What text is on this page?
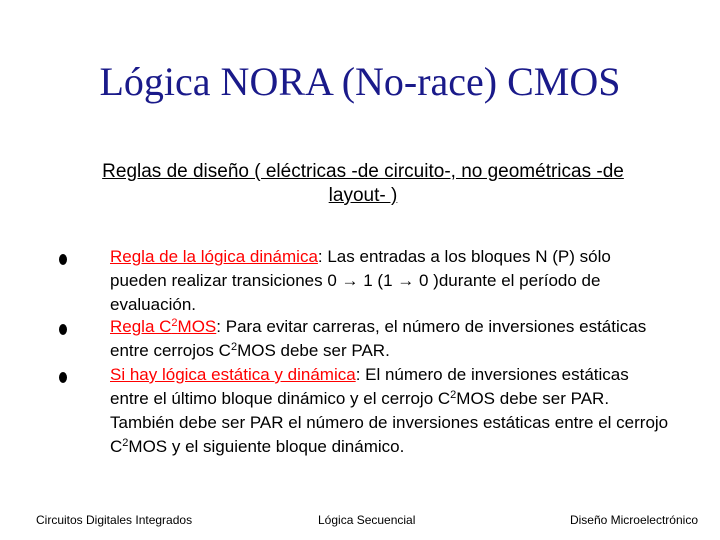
Lógica NORA (No-race) CMOS
Reglas de diseño ( eléctricas -de circuito-, no geométricas -de layout- )
Regla de la lógica dinámica: Las entradas a los bloques N (P) sólo pueden realizar transiciones 0 → 1 (1 → 0 )durante el período de evaluación.
Regla $C^2MOS$: Para evitar carreras, el número de inversiones estáticas entre cerrojos $C^2MOS$ debe ser PAR.
Si hay lógica estática y dinámica: El número de inversiones estáticas entre el último bloque dinámico y el cerrojo $C^2MOS$ debe ser PAR. También debe ser PAR el número de inversiones estáticas entre el cerrojo $C^2MOS$ y el siguiente bloque dinámico.
Circuitos Digitales Integrados	Lógica Secuencial	Diseño Microelectrónico
